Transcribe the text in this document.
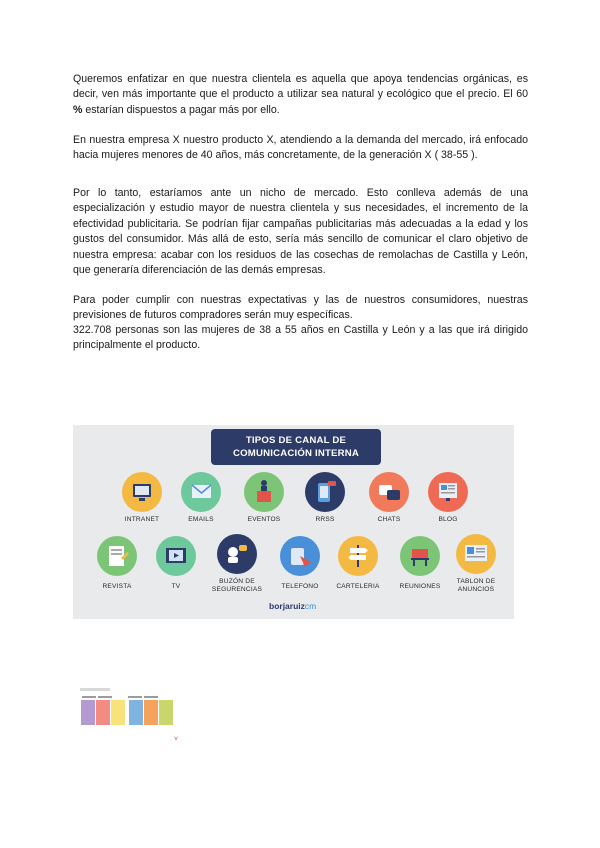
Queremos enfatizar en que nuestra clientela es aquella que apoya tendencias orgánicas, es decir, ven más importante que el producto a utilizar sea natural y ecológico que el precio. El 60 % estarían dispuestos a pagar más por ello.

En nuestra empresa X nuestro producto X, atendiendo a la demanda del mercado, irá enfocado hacia mujeres menores de 40 años, más concretamente, de la generación X ( 38-55 ).

Por lo tanto, estaríamos ante un nicho de mercado. Esto conlleva además de una especialización y estudio mayor de nuestra clientela y sus necesidades, el incremento de la efectividad publicitaria. Se podrían fijar campañas publicitarias más adecuadas a la edad y los gustos del consumidor. Más allá de esto, sería más sencillo de comunicar el claro objetivo de nuestra empresa: acabar con los residuos de las cosechas de remolachas de Castilla y León, que generaría diferenciación de las demás empresas.

Para poder cumplir con nuestras expectativas y las de nuestros consumidores, nuestras previsiones de futuros compradores serán muy específicas.

322.708 personas son las mujeres de 38 a 55 años en Castilla y León y a las que irá dirigido principalmente el producto.

TIPOS DE CANAL DE
COMUNICACIÓN INTERNA
INTRANET	EMAILS	EVENTOS	RRSS	CHATS	BLOG
REVISTA	TV
BUZÓN DE
SEGURENCIAS	TELEFONO	CARTELERIA	REUNIONES
TABLON DE
ANUNCIOS
borjaruizcm
˅
